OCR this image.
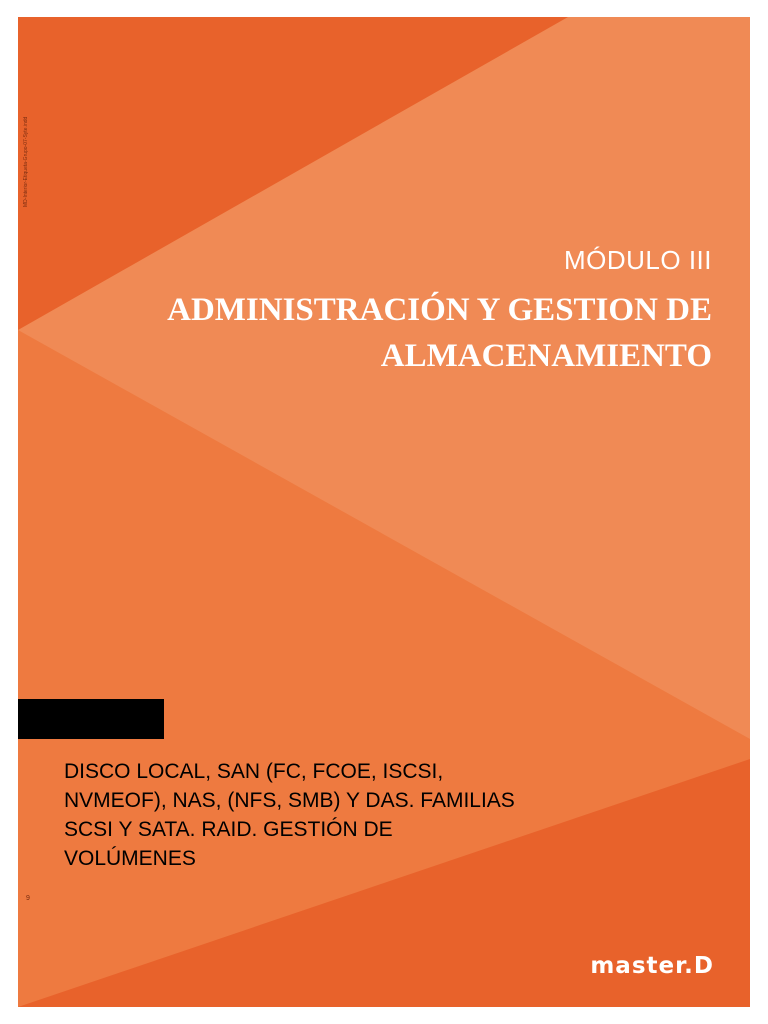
MD-Interior-Etiqueta-Grupo-07-Syte.indd
MÓDULO III
ADMINISTRACIÓN Y GESTION DE
ALMACENAMIENTO
DISCO LOCAL, SAN (FC, FCOE, ISCSI,
NVMEOF), NAS, (NFS, SMB) Y DAS. FAMILIAS
SCSI Y SATA. RAID. GESTIÓN DE
VOLÚMENES
9
master.D
